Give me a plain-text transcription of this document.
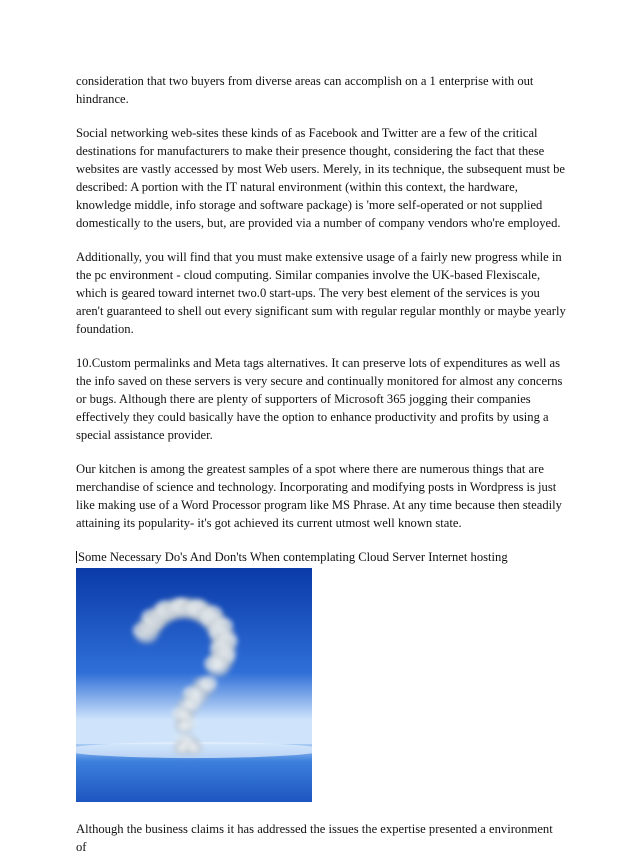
consideration that two buyers from diverse areas can accomplish on a 1 enterprise with out hindrance.

Social networking web-sites these kinds of as Facebook and Twitter are a few of the critical destinations for manufacturers to make their presence thought, considering the fact that these websites are vastly accessed by most Web users. Merely, in its technique, the subsequent must be described: A portion with the IT natural environment (within this context, the hardware, knowledge middle, info storage and software package) is 'more self-operated or not supplied domestically to the users, but, are provided via a number of company vendors who're employed.

Additionally, you will find that you must make extensive usage of a fairly new progress while in the pc environment - cloud computing. Similar companies involve the UK-based Flexiscale, which is geared toward internet two.0 start-ups. The very best element of the services is you aren't guaranteed to shell out every significant sum with regular regular monthly or maybe yearly foundation.

10.Custom permalinks and Meta tags alternatives. It can preserve lots of expenditures as well as the info saved on these servers is very secure and continually monitored for almost any concerns or bugs. Although there are plenty of supporters of Microsoft 365 jogging their companies effectively they could basically have the option to enhance productivity and profits by using a special assistance provider.

Our kitchen is among the greatest samples of a spot where there are numerous things that are merchandise of science and technology. Incorporating and modifying posts in Wordpress is just like making use of a Word Processor program like MS Phrase. At any time because then steadily attaining its popularity- it's got achieved its current utmost well known state.

Some Necessary Do's And Don'ts When contemplating Cloud Server Internet hosting

Although the business claims it has addressed the issues the expertise presented a environment of
